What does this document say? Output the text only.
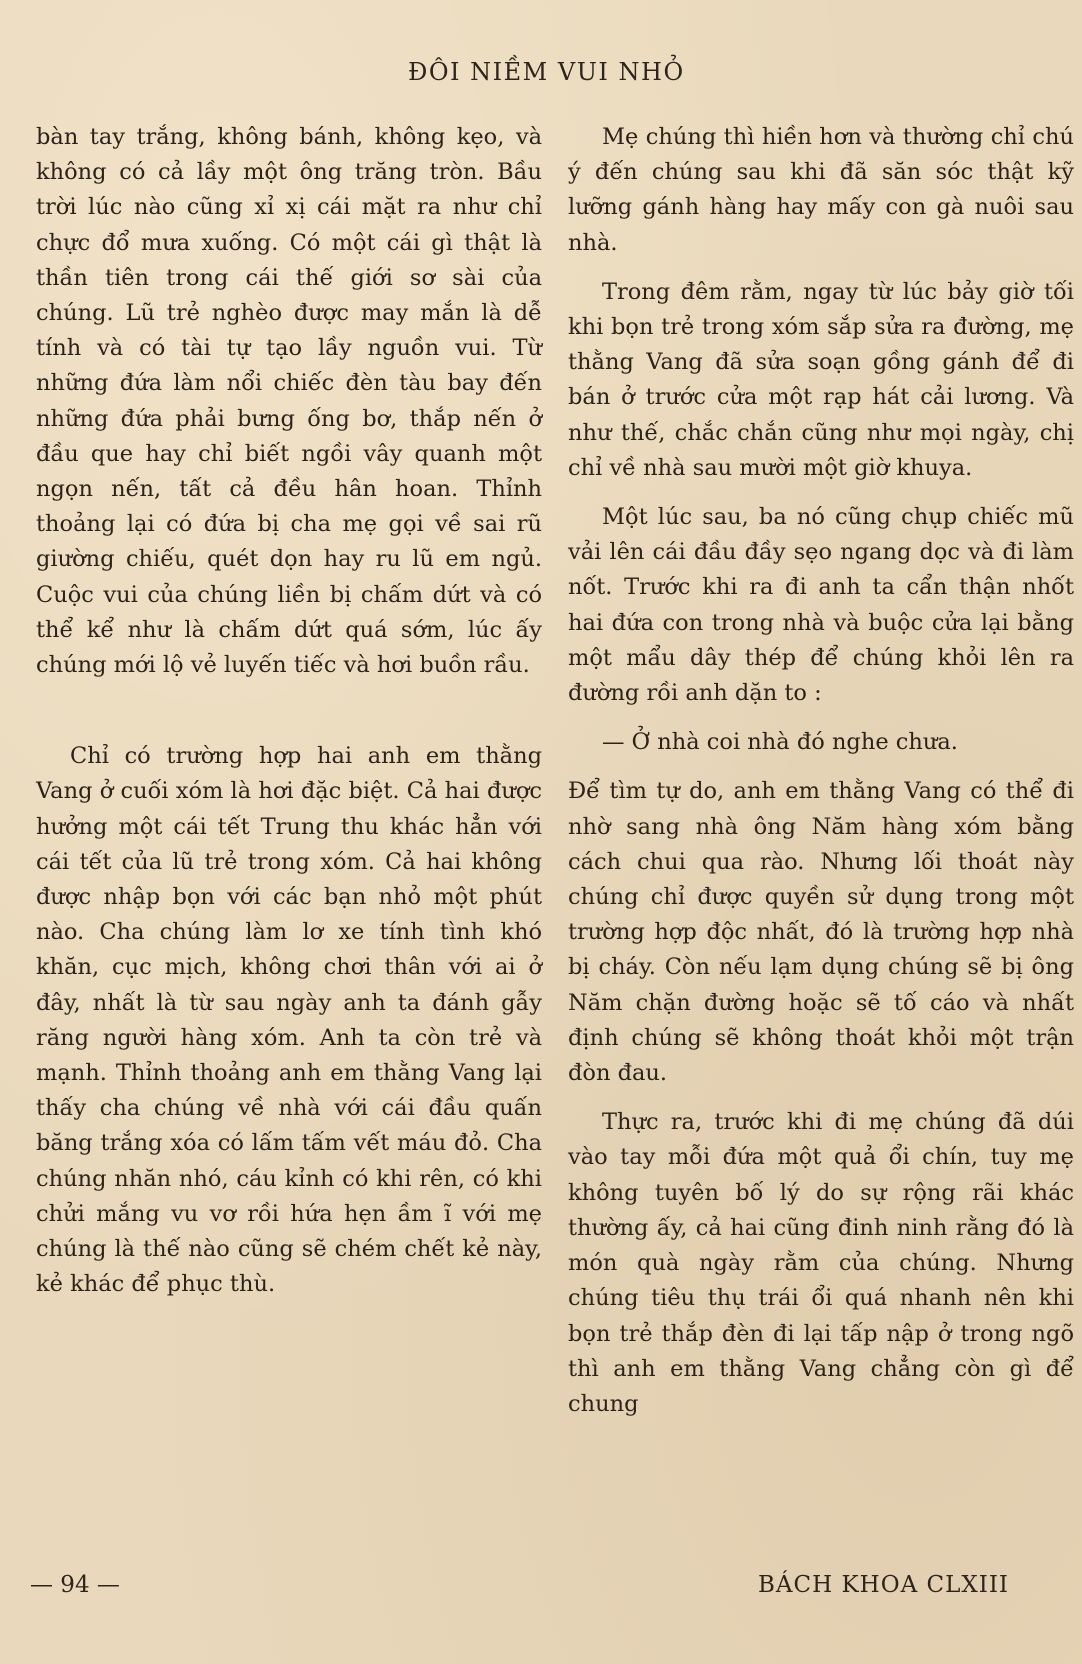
ĐÔI NIỀM VUI NHỎ

bàn tay trắng, không bánh, không kẹo, và không có cả lầy một ông trăng tròn. Bầu trời lúc nào cũng xỉ xị cái mặt ra như chỉ chực đổ mưa xuống. Có một cái gì thật là thần tiên trong cái thế giới sơ sài của chúng. Lũ trẻ nghèo được may mắn là dễ tính và có tài tự tạo lầy nguồn vui. Từ những đứa làm nổi chiếc đèn tàu bay đến những đứa phải bưng ống bơ, thắp nến ở đầu que hay chỉ biết ngồi vây quanh một ngọn nến, tất cả đều hân hoan. Thỉnh thoảng lại có đứa bị cha mẹ gọi về sai rũ giường chiếu, quét dọn hay ru lũ em ngủ. Cuộc vui của chúng liền bị chấm dứt và có thể kể như là chấm dứt quá sớm, lúc ấy chúng mới lộ vẻ luyến tiếc và hơi buồn rầu.

Chỉ có trường hợp hai anh em thằng Vang ở cuối xóm là hơi đặc biệt. Cả hai được hưởng một cái tết Trung thu khác hẳn với cái tết của lũ trẻ trong xóm. Cả hai không được nhập bọn với các bạn nhỏ một phút nào. Cha chúng làm lơ xe tính tình khó khăn, cục mịch, không chơi thân với ai ở đây, nhất là từ sau ngày anh ta đánh gẫy răng người hàng xóm. Anh ta còn trẻ và mạnh. Thỉnh thoảng anh em thằng Vang lại thấy cha chúng về nhà với cái đầu quấn băng trắng xóa có lấm tấm vết máu đỏ. Cha chúng nhăn nhó, cáu kỉnh có khi rên, có khi chửi mắng vu vơ rồi hứa hẹn ầm ĩ với mẹ chúng là thế nào cũng sẽ chém chết kẻ này, kẻ khác để phục thù.

Mẹ chúng thì hiền hơn và thường chỉ chú ý đến chúng sau khi đã săn sóc thật kỹ lưỡng gánh hàng hay mấy con gà nuôi sau nhà.

Trong đêm rằm, ngay từ lúc bảy giờ tối khi bọn trẻ trong xóm sắp sửa ra đường, mẹ thằng Vang đã sửa soạn gồng gánh để đi bán ở trước cửa một rạp hát cải lương. Và như thế, chắc chắn cũng như mọi ngày, chị chỉ về nhà sau mười một giờ khuya.

Một lúc sau, ba nó cũng chụp chiếc mũ vải lên cái đầu đầy sẹo ngang dọc và đi làm nốt. Trước khi ra đi anh ta cẩn thận nhốt hai đứa con trong nhà và buộc cửa lại bằng một mẩu dây thép để chúng khỏi lên ra đường rồi anh dặn to :

— Ở nhà coi nhà đó nghe chưa.

Để tìm tự do, anh em thằng Vang có thể đi nhờ sang nhà ông Năm hàng xóm bằng cách chui qua rào. Nhưng lối thoát này chúng chỉ được quyền sử dụng trong một trường hợp độc nhất, đó là trường hợp nhà bị cháy. Còn nếu lạm dụng chúng sẽ bị ông Năm chặn đường hoặc sẽ tố cáo và nhất định chúng sẽ không thoát khỏi một trận đòn đau.

Thực ra, trước khi đi mẹ chúng đã dúi vào tay mỗi đứa một quả ổi chín, tuy mẹ không tuyên bố lý do sự rộng rãi khác thường ấy, cả hai cũng đinh ninh rằng đó là món quà ngày rằm của chúng. Nhưng chúng tiêu thụ trái ổi quá nhanh nên khi bọn trẻ thắp đèn đi lại tấp nập ở trong ngõ thì anh em thằng Vang chẳng còn gì để chung

— 94 —	BÁCH KHOA CLXIII
